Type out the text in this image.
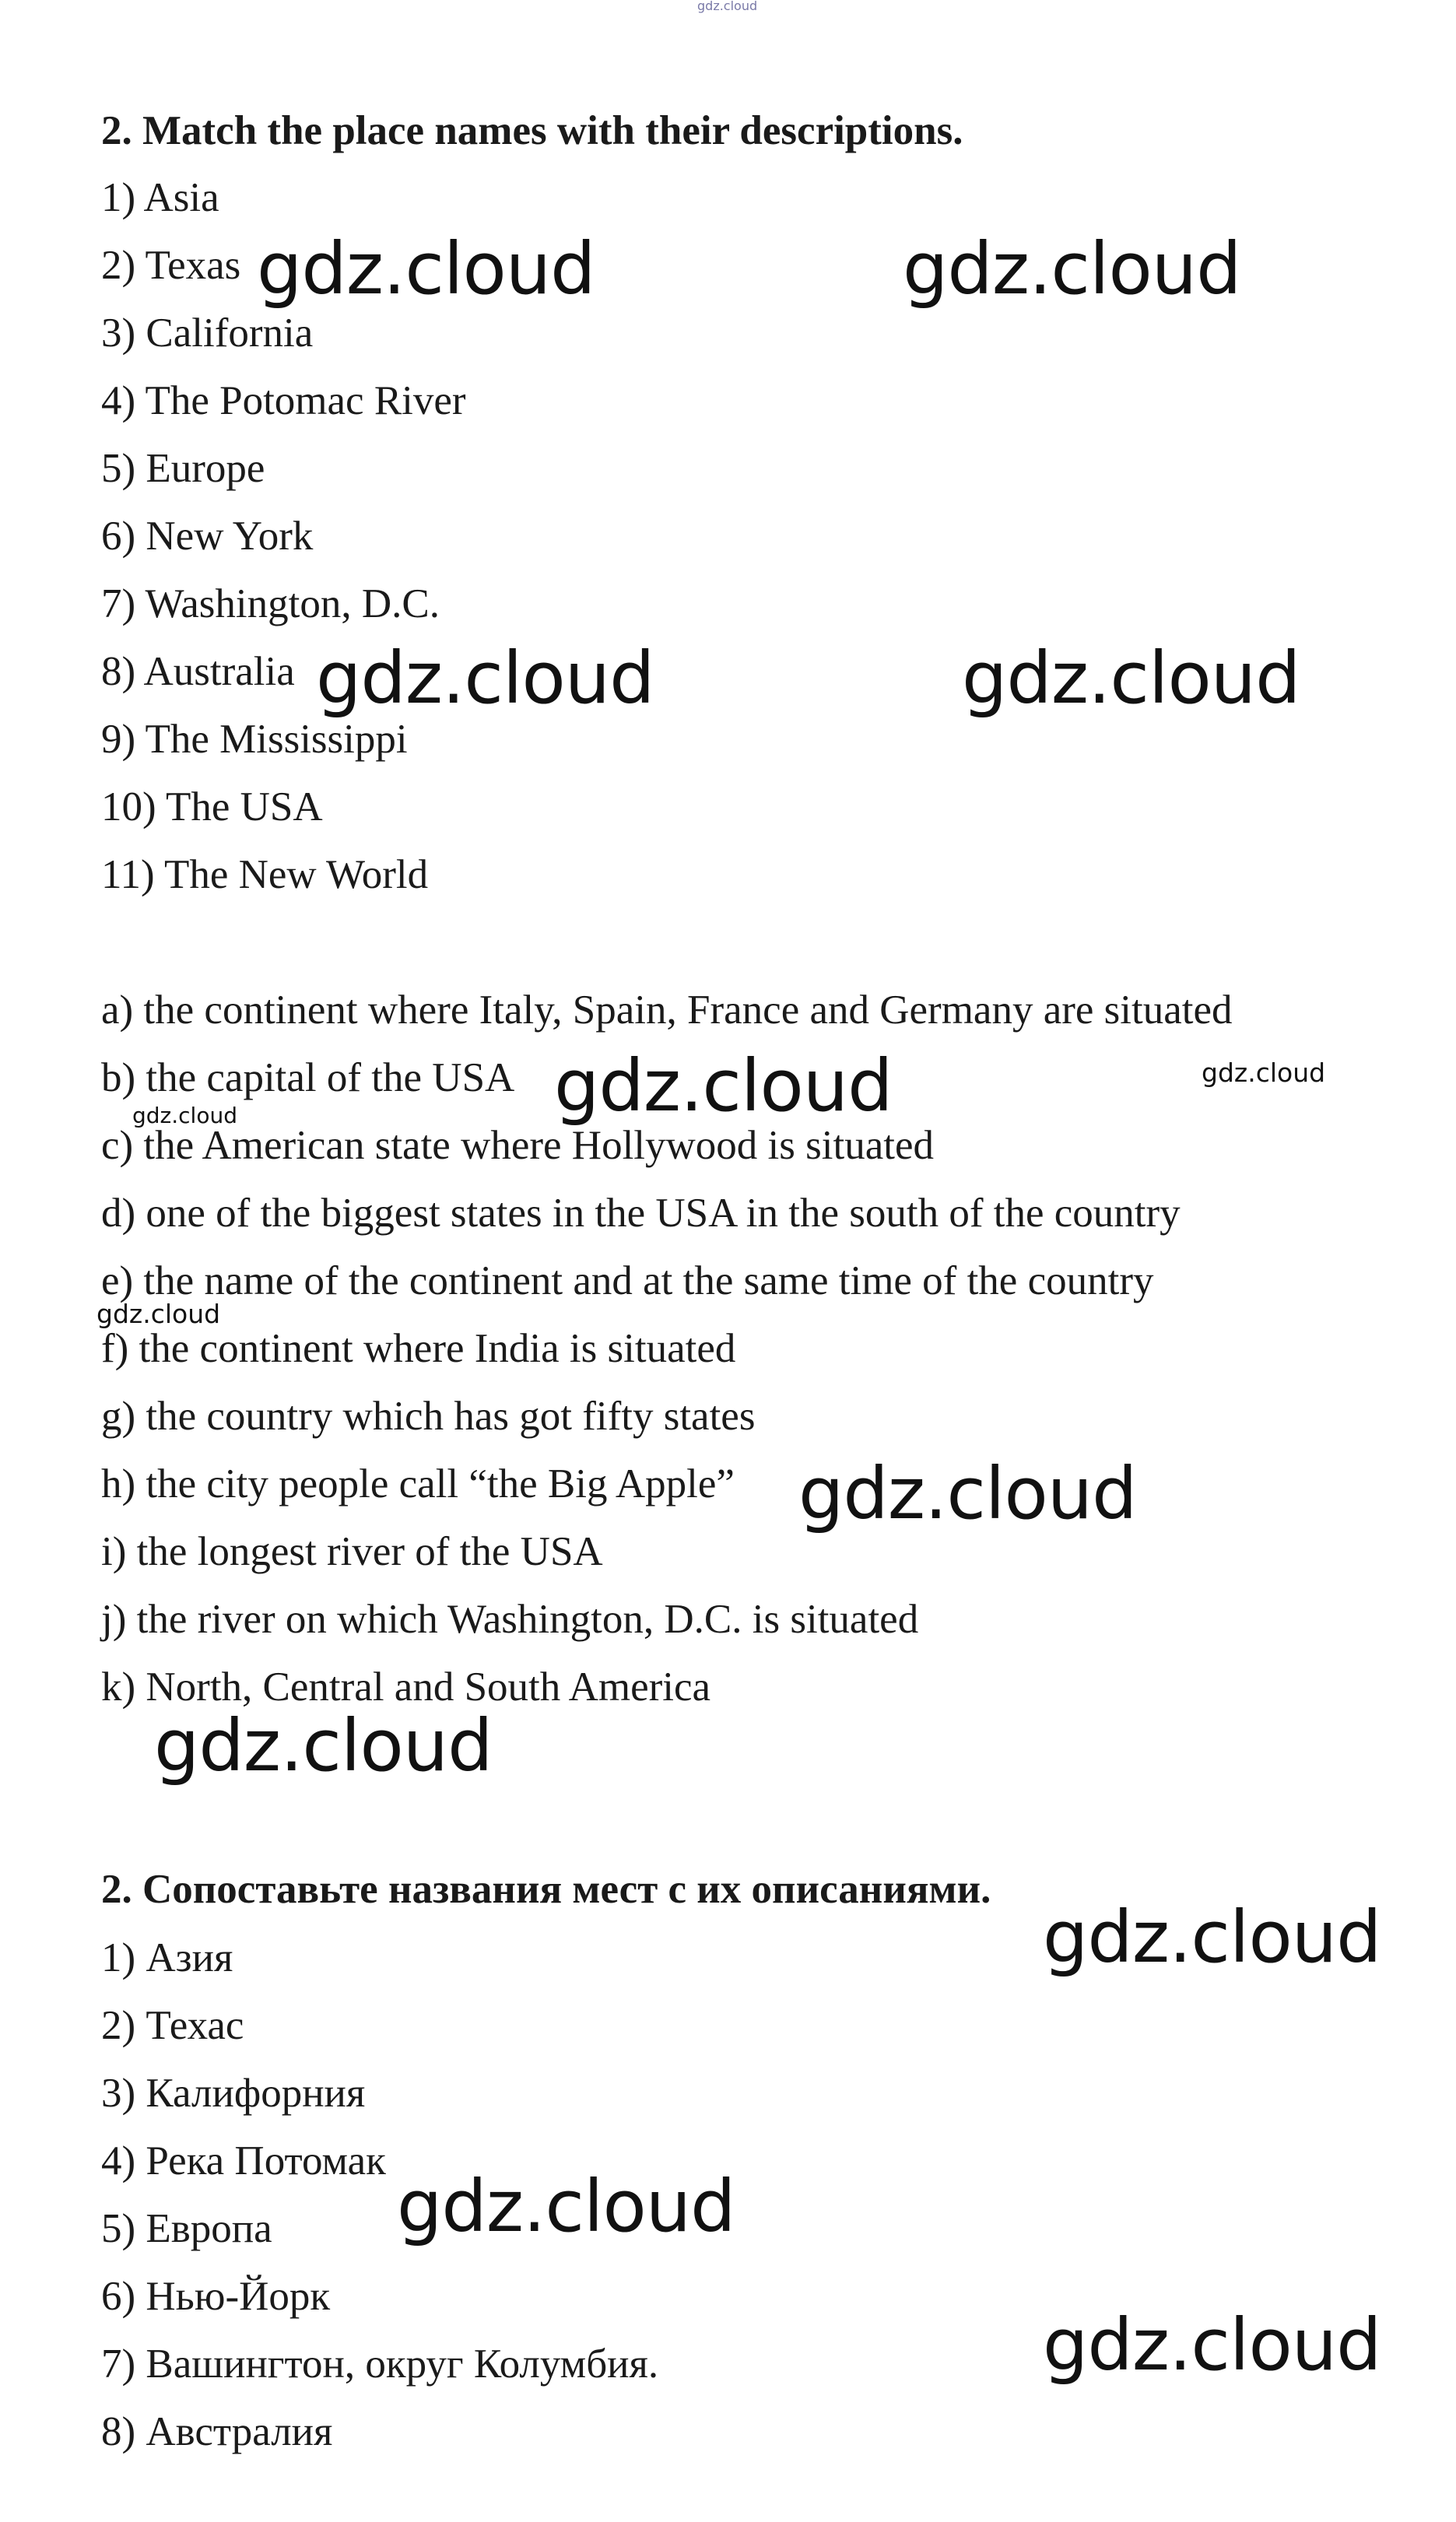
gdz.cloud
2. Match the place names with their descriptions.
1) Asia
2) Texas
3) California
4) The Potomac River
5) Europe
6) New York
7) Washington, D.C.
8) Australia
9) The Mississippi
10) The USA
11) The New World
a) the continent where Italy, Spain, France and Germany are situated
b) the capital of the USA
c) the American state where Hollywood is situated
d) one of the biggest states in the USA in the south of the country
e) the name of the continent and at the same time of the country
f) the continent where India is situated
g) the country which has got fifty states
h) the city people call “the Big Apple”
i) the longest river of the USA
j) the river on which Washington, D.C. is situated
k) North, Central and South America
2. Сопоставьте названия мест с их описаниями.
1) Азия
2) Техас
3) Калифорния
4) Река Потомак
5) Европа
6) Нью-Йорк
7) Вашингтон, округ Колумбия.
8) Австралия
gdz.cloud	gdz.cloud
gdz.cloud	gdz.cloud
gdz.cloud	gdz.cloud
gdz.cloud
gdz.cloud
gdz.cloud
gdz.cloud
gdz.cloud
gdz.cloud
gdz.cloud
